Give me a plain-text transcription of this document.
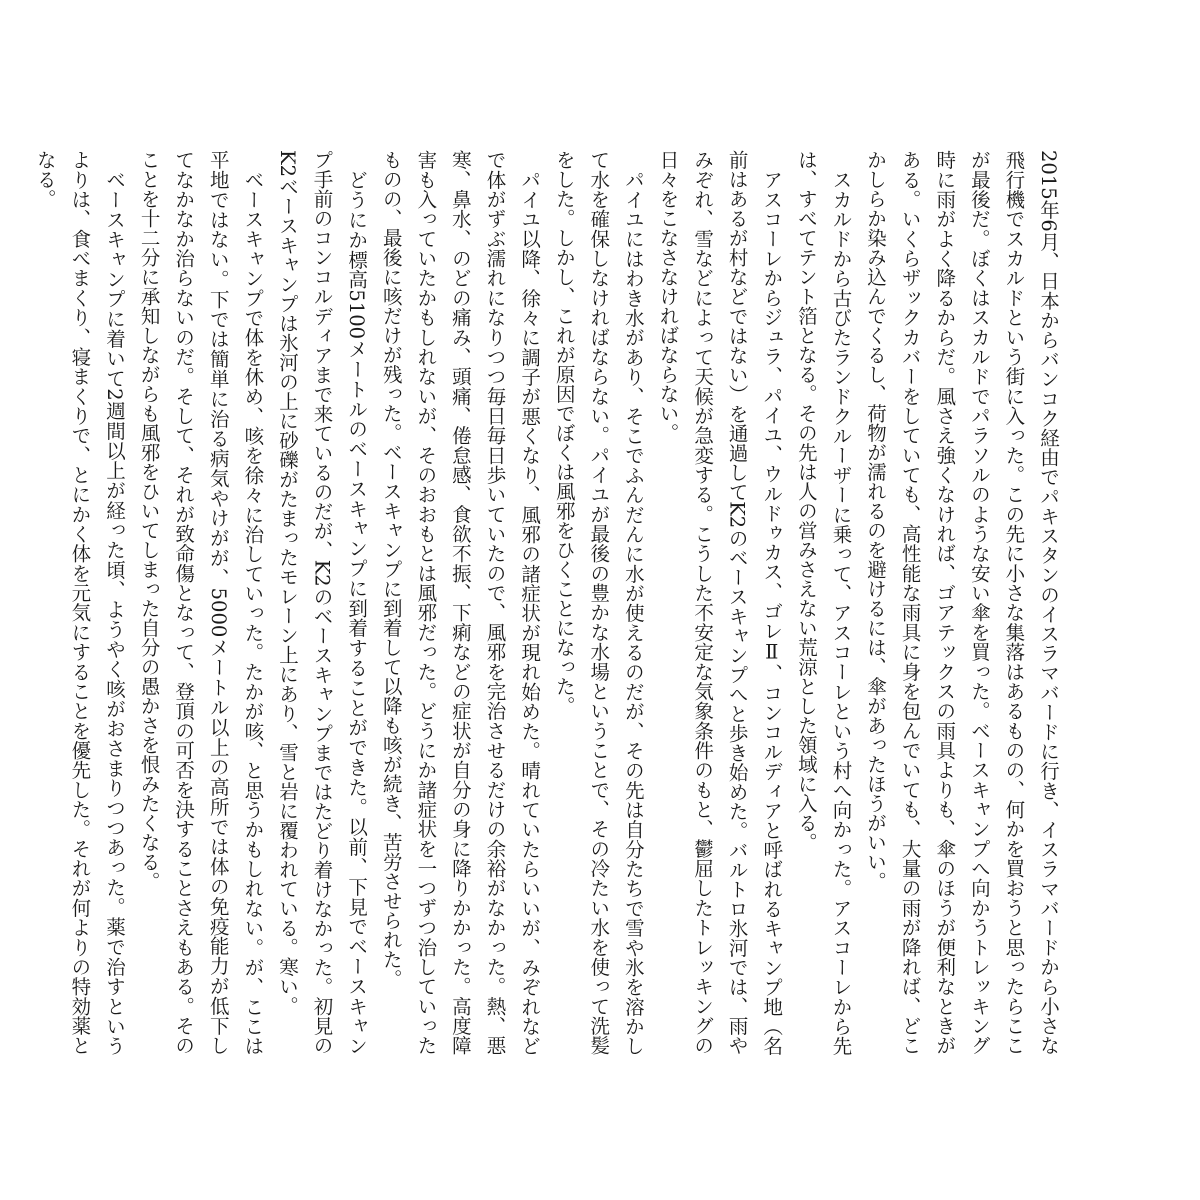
2015年6月、日本からバンコク経由でパキスタンのイスラマバードに行き、イスラマバードから小さな飛行機でスカルドという街に入った。この先に小さな集落はあるものの、何かを買おうと思ったらここが最後だ。ぼくはスカルドでパラソルのような安い傘を買った。ベースキャンプへ向かうトレッキング時に雨がよく降るからだ。風さえ強くなければ、ゴアテックスの雨具よりも、傘のほうが便利なときがある。いくらザックカバーをしていても、高性能な雨具に身を包んでいても、大量の雨が降れば、どこかしらか染み込んでくるし、荷物が濡れるのを避けるには、傘があったほうがいい。

スカルドから古びたランドクルーザーに乗って、アスコーレという村へ向かった。アスコーレから先は、すべてテント箔となる。その先は人の営みさえない荒涼とした領域に入る。

アスコーレからジュラ、パイユ、ウルドゥカス、ゴレⅡ、コンコルディアと呼ばれるキャンプ地（名前はあるが村などではない）を通過してK2のベースキャンプへと歩き始めた。バルトロ氷河では、雨やみぞれ、雪などによって天候が急変する。こうした不安定な気象条件のもと、鬱屈したトレッキングの日々をこなさなければならない。

パイユにはわき水があり、そこでふんだんに水が使えるのだが、その先は自分たちで雪や氷を溶かして水を確保しなければならない。パイユが最後の豊かな水場ということで、その冷たい水を使って洗髪をした。しかし、これが原因でぼくは風邪をひくことになった。

パイユ以降、徐々に調子が悪くなり、風邪の諸症状が現れ始めた。晴れていたらいいが、みぞれなどで体がずぶ濡れになりつつ毎日毎日歩いていたので、風邪を完治させるだけの余裕がなかった。熱、悪寒、鼻水、のどの痛み、頭痛、倦怠感、食欲不振、下痢などの症状が自分の身に降りかかった。高度障害も入っていたかもしれないが、そのおおもとは風邪だった。どうにか諸症状を一つずつ治していったものの、最後に咳だけが残った。ベースキャンプに到着して以降も咳が続き、苦労させられた。

どうにか標高5100メートルのベースキャンプに到着することができた。以前、下見でベースキャンプ手前のコンコルディアまで来ているのだが、K2のベースキャンプまではたどり着けなかった。初見のK2ベースキャンプは氷河の上に砂礫がたまったモレーン上にあり、雪と岩に覆われている。寒い。

ベースキャンプで体を休め、咳を徐々に治していった。たかが咳、と思うかもしれない。が、ここは平地ではない。下では簡単に治る病気やけがが、5000メートル以上の高所では体の免疫能力が低下してなかなか治らないのだ。そして、それが致命傷となって、登頂の可否を決することさえもある。そのことを十二分に承知しながらも風邪をひいてしまった自分の愚かさを恨みたくなる。

ベースキャンプに着いて2週間以上が経った頃、ようやく咳がおさまりつつあった。薬で治すというよりは、食べまくり、寝まくりで、とにかく体を元気にすることを優先した。それが何よりの特効薬となる。
